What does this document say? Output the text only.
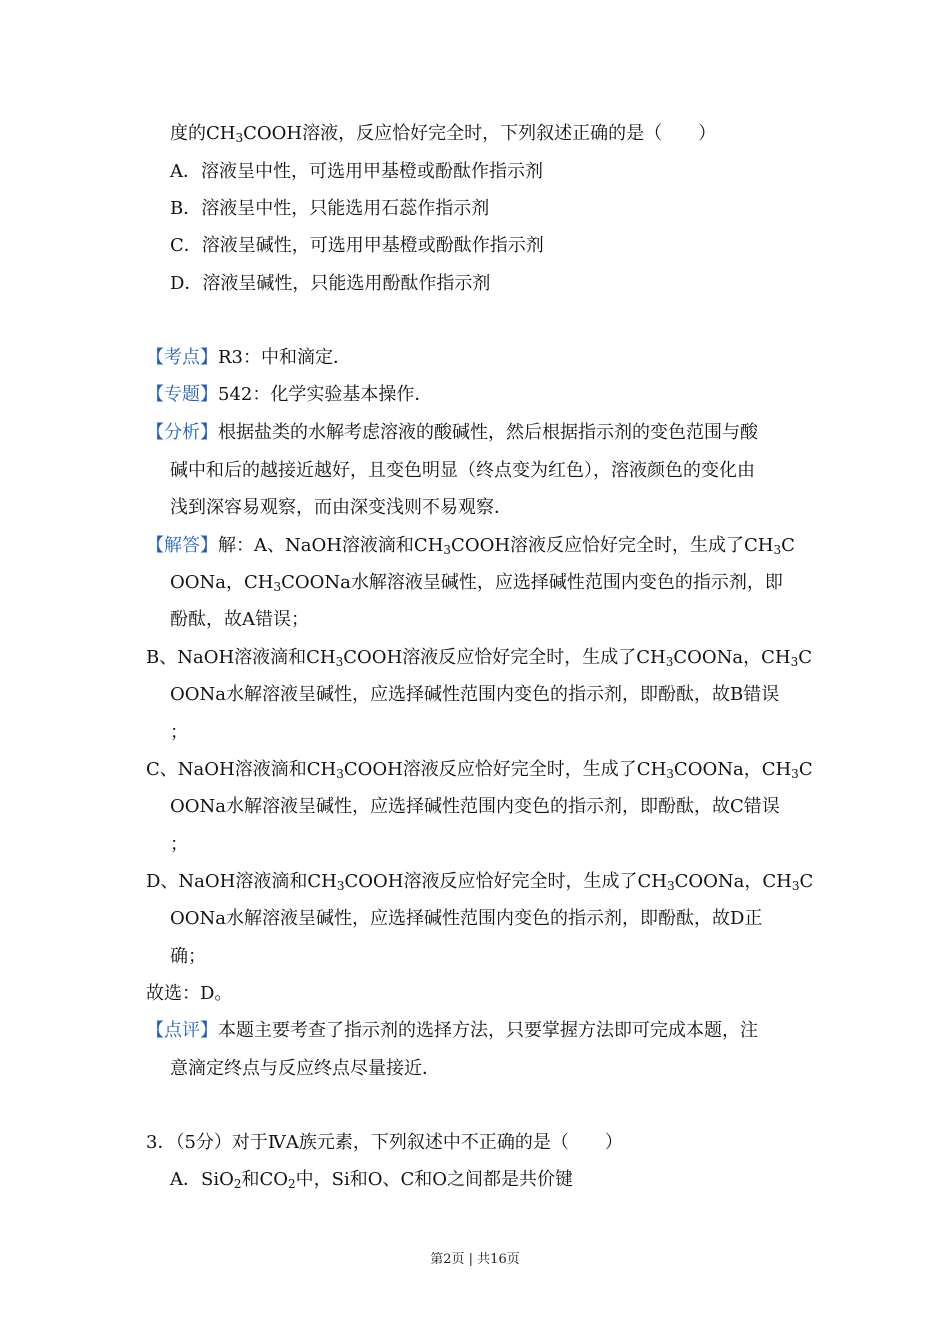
度的$CH_3COOH$溶液，反应恰好完全时，下列叙述正确的是（　　）
A．溶液呈中性，可选用甲基橙或酚酞作指示剂
B．溶液呈中性，只能选用石蕊作指示剂
C．溶液呈碱性，可选用甲基橙或酚酞作指示剂
D．溶液呈碱性，只能选用酚酞作指示剂
【考点】R3：中和滴定．
【专题】542：化学实验基本操作．
【分析】根据盐类的水解考虑溶液的酸碱性，然后根据指示剂的变色范围与酸
碱中和后的越接近越好，且变色明显（终点变为红色），溶液颜色的变化由
浅到深容易观察，而由深变浅则不易观察．
【解答】解：A、NaOH溶液滴和$CH_3COOH$溶液反应恰好完全时，生成了$CH_3C$
OONa，$CH_3COONa$水解溶液呈碱性，应选择碱性范围内变色的指示剂，即
酚酞，故A错误；
B、NaOH溶液滴和$CH_3COOH$溶液反应恰好完全时，生成了$CH_3COONa$，$CH_3C$
OONa水解溶液呈碱性，应选择碱性范围内变色的指示剂，即酚酞，故B错误
；
C、NaOH溶液滴和$CH_3COOH$溶液反应恰好完全时，生成了$CH_3COONa$，$CH_3C$
OONa水解溶液呈碱性，应选择碱性范围内变色的指示剂，即酚酞，故C错误
；
D、NaOH溶液滴和$CH_3COOH$溶液反应恰好完全时，生成了$CH_3COONa$，$CH_3C$
OONa水解溶液呈碱性，应选择碱性范围内变色的指示剂，即酚酞，故D正
确；
故选：D。
【点评】本题主要考查了指示剂的选择方法，只要掌握方法即可完成本题，注
意滴定终点与反应终点尽量接近．
3．（5分）对于ⅣA族元素，下列叙述中不正确的是（　　）
A．SiO$_2$和$CO_2$中，Si和O、C和O之间都是共价键
第2页 | 共16页
